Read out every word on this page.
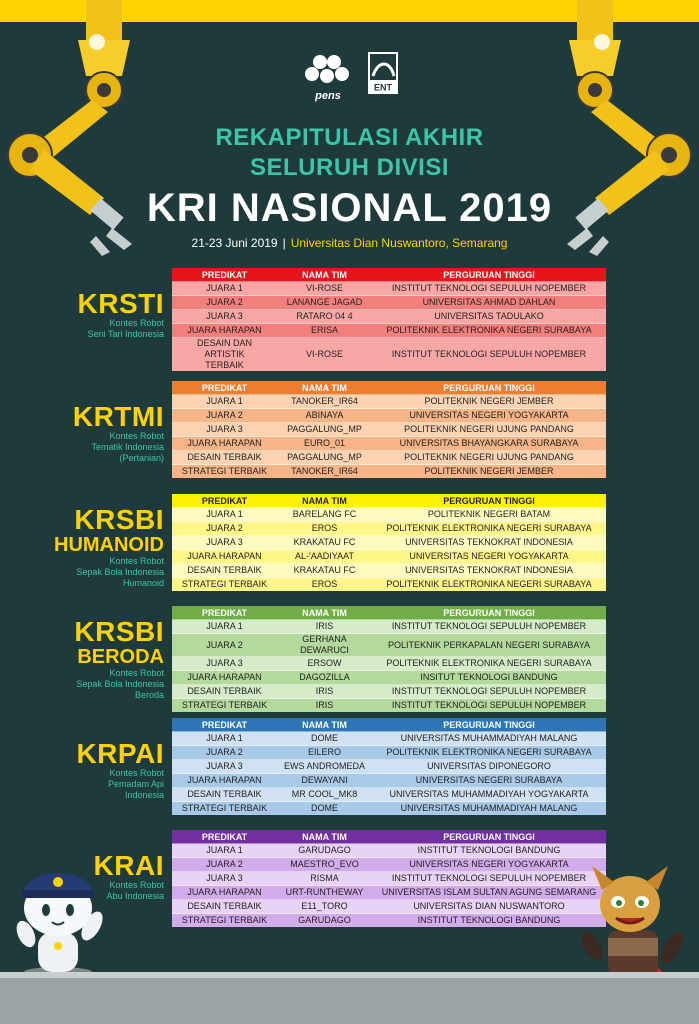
pens
ENT
REKAPITULASI AKHIR
SELURUH DIVISI
KRI NASIONAL 2019
21-23 Juni 2019 | Universitas Dian Nuswantoro, Semarang
KRSTI
Kontes Robot
Seni Tari Indonesia
PREDIKAT	NAMA TIM	PERGURUAN TINGGI
JUARA 1	VI-ROSE	INSTITUT TEKNOLOGI SEPULUH NOPEMBER
JUARA 2	LANANGE JAGAD	UNIVERSITAS AHMAD DAHLAN
JUARA 3	RATARO 04 4	UNIVERSITAS TADULAKO
JUARA HARAPAN	ERISA	POLITEKNIK ELEKTRONIKA NEGERI SURABAYA
DESAIN DAN ARTISTIK TERBAIK	VI-ROSE	INSTITUT TEKNOLOGI SEPULUH NOPEMBER
KRTMI
Kontes Robot
Tematik Indonesia
(Pertanian)
PREDIKAT	NAMA TIM	PERGURUAN TINGGI
JUARA 1	TANOKER_IR64	POLITEKNIK NEGERI JEMBER
JUARA 2	ABINAYA	UNIVERSITAS NEGERI YOGYAKARTA
JUARA 3	PAGGALUNG_MP	POLITEKNIK NEGERI UJUNG PANDANG
JUARA HARAPAN	EURO_01	UNIVERSITAS BHAYANGKARA SURABAYA
DESAIN TERBAIK	PAGGALUNG_MP	POLITEKNIK NEGERI UJUNG PANDANG
STRATEGI TERBAIK	TANOKER_IR64	POLITEKNIK NEGERI JEMBER
KRSBI
HUMANOID
Kontes Robot
Sepak Bola Indonesia
Humanoid
PREDIKAT	NAMA TIM	PERGURUAN TINGGI
JUARA 1	BARELANG FC	POLITEKNIK NEGERI BATAM
JUARA 2	EROS	POLITEKNIK ELEKTRONIKA NEGERI SURABAYA
JUARA 3	KRAKATAU FC	UNIVERSITAS TEKNOKRAT INDONESIA
JUARA HARAPAN	AL-'AADIYAAT	UNIVERSITAS NEGERI YOGYAKARTA
DESAIN TERBAIK	KRAKATAU FC	UNIVERSITAS TEKNOKRAT INDONESIA
STRATEGI TERBAIK	EROS	POLITEKNIK ELEKTRONIKA NEGERI SURABAYA
KRSBI
BERODA
Kontes Robot
Sepak Bola Indonesia
Beroda
PREDIKAT	NAMA TIM	PERGURUAN TINGGI
JUARA 1	IRIS	INSTITUT TEKNOLOGI SEPULUH NOPEMBER
JUARA 2	GERHANA DEWARUCI	POLITEKNIK PERKAPALAN NEGERI SURABAYA
JUARA 3	ERSOW	POLITEKNIK ELEKTRONIKA NEGERI SURABAYA
JUARA HARAPAN	DAGOZILLA	INSITUT TEKNOLOGI BANDUNG
DESAIN TERBAIK	IRIS	INSTITUT TEKNOLOGI SEPULUH NOPEMBER
STRATEGI TERBAIK	IRIS	INSTITUT TEKNOLOGI SEPULUH NOPEMBER
KRPAI
Kontes Robot
Pemadam Api
Indonesia
PREDIKAT	NAMA TIM	PERGURUAN TINGGI
JUARA 1	DOME	UNIVERSITAS MUHAMMADIYAH MALANG
JUARA 2	EILERO	POLITEKNIK ELEKTRONIKA NEGERI SURABAYA
JUARA 3	EWS ANDROMEDA	UNIVERSITAS DIPONEGORO
JUARA HARAPAN	DEWAYANI	UNIVERSITAS NEGERI SURABAYA
DESAIN TERBAIK	MR COOL_MK8	UNIVERSITAS MUHAMMADIYAH YOGYAKARTA
STRATEGI TERBAIK	DOME	UNIVERSITAS MUHAMMADIYAH MALANG
KRAI
Kontes Robot
Abu Indonesia
PREDIKAT	NAMA TIM	PERGURUAN TINGGI
JUARA 1	GARUDAGO	INSTITUT TEKNOLOGI BANDUNG
JUARA 2	MAESTRO_EVO	UNIVERSITAS NEGERI YOGYAKARTA
JUARA 3	RISMA	INSTITUT TEKNOLOGI SEPULUH NOPEMBER
JUARA HARAPAN	URT-RUNTHEWAY	UNIVERSITAS ISLAM SULTAN AGUNG SEMARANG
DESAIN TERBAIK	E11_TORO	UNIVERSITAS DIAN NUSWANTORO
STRATEGI TERBAIK	GARUDAGO	INSTITUT TEKNOLOGI BANDUNG
